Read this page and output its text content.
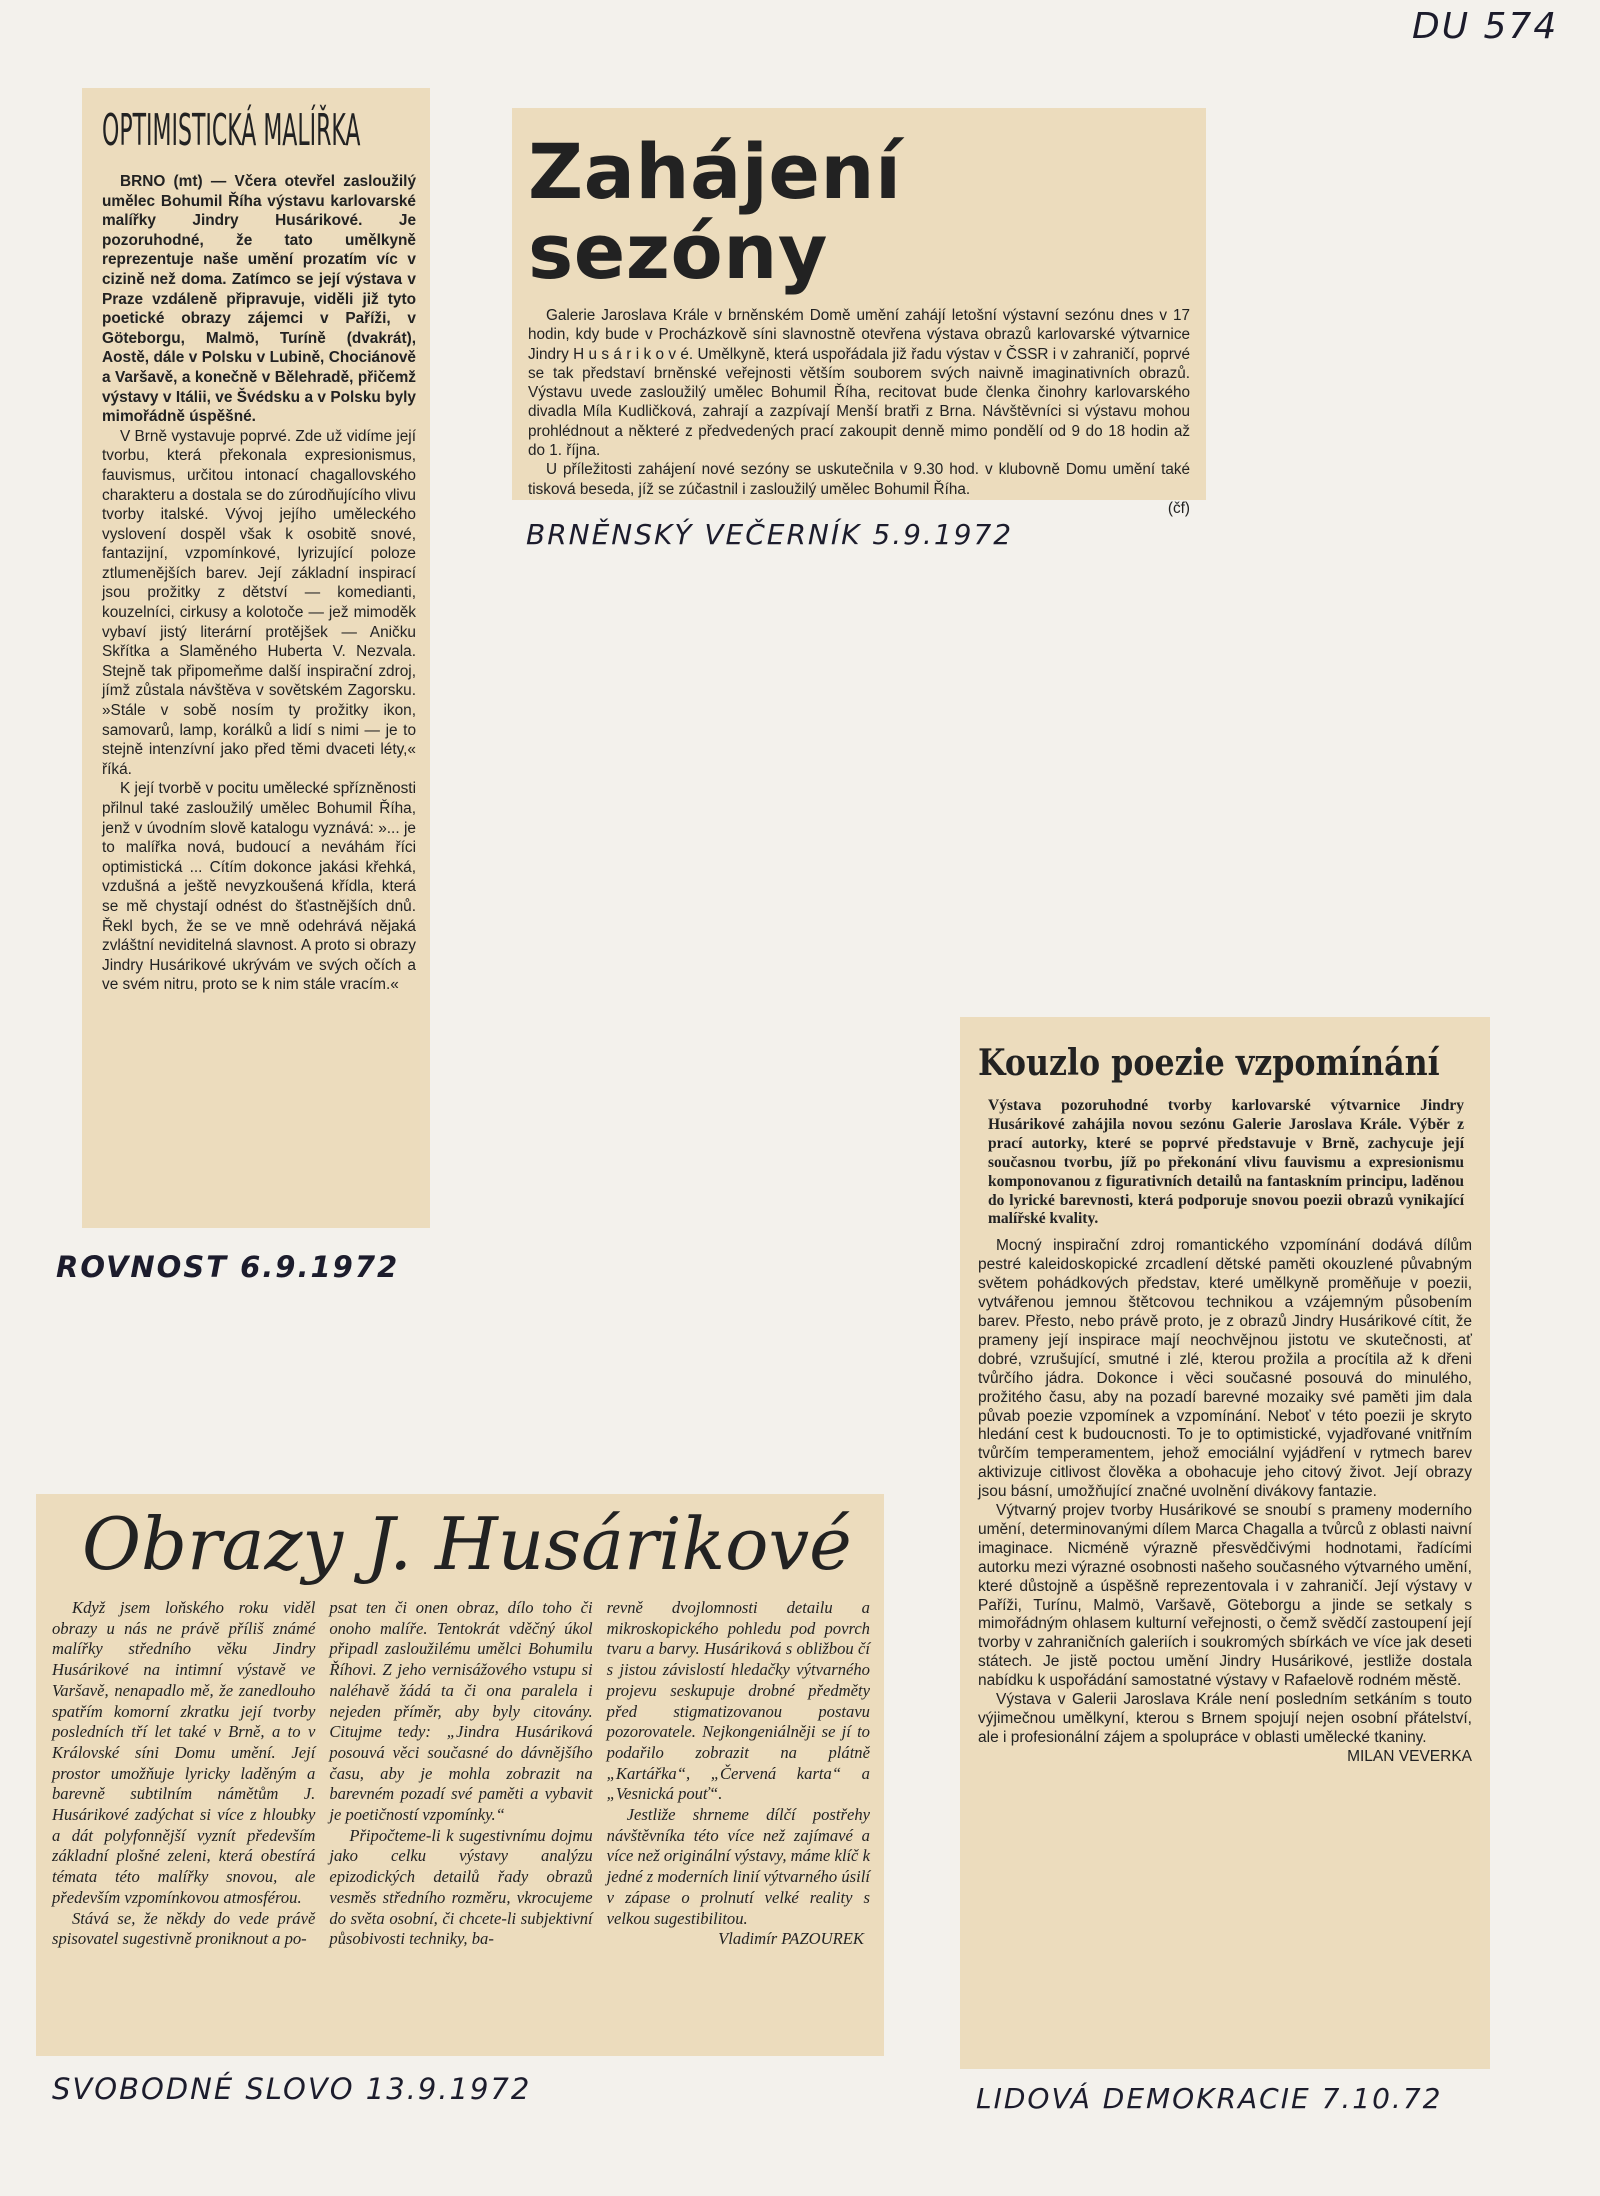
DU 574
OPTIMISTICKÁ MALÍŘKA

BRNO (mt) — Včera otevřel zasloužilý umělec Bohumil Říha výstavu karlovarské malířky Jindry Husárikové. Je pozoruhodné, že tato umělkyně reprezentuje naše umění prozatím víc v cizině než doma. Zatímco se její výstava v Praze vzdáleně připravuje, viděli již tyto poetické obrazy zájemci v Paříži, v Göteborgu, Malmö, Turíně (dvakrát), Aostě, dále v Polsku v Lubině, Chociánově a Varšavě, a konečně v Bělehradě, přičemž výstavy v Itálii, ve Švédsku a v Polsku byly mimořádně úspěšné.

V Brně vystavuje poprvé. Zde už vidíme její tvorbu, která překonala expresionismus, fauvismus, určitou intonací chagallovského charakteru a dostala se do zúrodňujícího vlivu tvorby italské. Vývoj jejího uměleckého vyslovení dospěl však k osobitě snové, fantazijní, vzpomínkové, lyrizující poloze ztlumenějších barev. Její základní inspirací jsou prožitky z dětství — komedianti, kouzelníci, cirkusy a kolotoče — jež mimoděk vybaví jistý literární protějšek — Aničku Skřítka a Slaměného Huberta V. Nezvala. Stejně tak připomeňme další inspirační zdroj, jímž zůstala návštěva v sovětském Zagorsku. »Stále v sobě nosím ty prožitky ikon, samovarů, lamp, korálků a lidí s nimi — je to stejně intenzívní jako před těmi dvaceti léty,« říká.

K její tvorbě v pocitu umělecké spřízněnosti přilnul také zasloužilý umělec Bohumil Říha, jenž v úvodním slově katalogu vyznává: »... je to malířka nová, budoucí a neváhám říci optimistická ... Cítím dokonce jakási křehká, vzdušná a ještě nevyzkoušená křídla, která se mě chystají odnést do šťastnějších dnů. Řekl bych, že se ve mně odehrává nějaká zvláštní neviditelná slavnost. A proto si obrazy Jindry Husárikové ukrývám ve svých očích a ve svém nitru, proto se k nim stále vracím.«

ROVNOST 6.9.1972
Zahájení sezóny

Galerie Jaroslava Krále v brněnském Domě umění zahájí letošní výstavní sezónu dnes v 17 hodin, kdy bude v Procházkově síni slavnostně otevřena výstava obrazů karlovarské výtvarnice Jindry H u s á r i k o v é. Umělkyně, která uspořádala již řadu výstav v ČSSR i v zahraničí, poprvé se tak představí brněnské veřejnosti větším souborem svých naivně imaginativních obrazů. Výstavu uvede zasloužilý umělec Bohumil Říha, recitovat bude členka činohry karlovarského divadla Míla Kudličková, zahrají a zazpívají Menší bratři z Brna. Návštěvníci si výstavu mohou prohlédnout a některé z předvedených prací zakoupit denně mimo pondělí od 9 do 18 hodin až do 1. října.

U příležitosti zahájení nové sezóny se uskutečnila v 9.30 hod. v klubovně Domu umění také tisková beseda, jíž se zúčastnil i zasloužilý umělec Bohumil Říha.

(čf)
BRNĚNSKÝ VEČERNÍK 5.9.1972
Kouzlo poezie vzpomínání
Výstava pozoruhodné tvorby karlovarské výtvarnice Jindry Husárikové zahájila novou sezónu Galerie Jaroslava Krále. Výběr z prací autorky, které se poprvé představuje v Brně, zachycuje její současnou tvorbu, jíž po překonání vlivu fauvismu a expresionismu komponovanou z figurativních detailů na fantaskním principu, laděnou do lyrické barevnosti, která podporuje snovou poezii obrazů vynikající malířské kvality.

Mocný inspirační zdroj romantického vzpomínání dodává dílům pestré kaleidoskopické zrcadlení dětské paměti okouzlené půvabným světem pohádkových představ, které umělkyně proměňuje v poezii, vytvářenou jemnou štětcovou technikou a vzájemným působením barev. Přesto, nebo právě proto, je z obrazů Jindry Husárikové cítit, že prameny její inspirace mají neochvějnou jistotu ve skutečnosti, ať dobré, vzrušující, smutné i zlé, kterou prožila a procítila až k dřeni tvůrčího jádra. Dokonce i věci současné posouvá do minulého, prožitého času, aby na pozadí barevné mozaiky své paměti jim dala půvab poezie vzpomínek a vzpomínání. Neboť v této poezii je skryto hledání cest k budoucnosti. To je to optimistické, vyjadřované vnitřním tvůrčím temperamentem, jehož emociální vyjádření v rytmech barev aktivizuje citlivost člověka a obohacuje jeho citový život. Její obrazy jsou básní, umožňující značné uvolnění divákovy fantazie.

Výtvarný projev tvorby Husárikové se snoubí s prameny moderního umění, determinovanými dílem Marca Chagalla a tvůrců z oblasti naivní imaginace. Nicméně výrazně přesvědčivými hodnotami, řadícími autorku mezi výrazné osobnosti našeho současného výtvarného umění, které důstojně a úspěšně reprezentovala i v zahraničí. Její výstavy v Paříži, Turínu, Malmö, Varšavě, Göteborgu a jinde se setkaly s mimořádným ohlasem kulturní veřejnosti, o čemž svědčí zastoupení její tvorby v zahraničních galeriích i soukromých sbírkách ve více jak deseti státech. Je jistě poctou umění Jindry Husárikové, jestliže dostala nabídku k uspořádání samostatné výstavy v Rafaelově rodném městě.

Výstava v Galerii Jaroslava Krále není posledním setkáním s touto výjimečnou umělkyní, kterou s Brnem spojují nejen osobní přátelství, ale i profesionální zájem a spolupráce v oblasti umělecké tkaniny.

MILAN VEVERKA
LIDOVÁ DEMOKRACIE 7.10.72
Obrazy J. Husárikové

Když jsem loňského roku viděl obrazy u nás ne právě příliš známé malířky středního věku Jindry Husárikové na intimní výstavě ve Varšavě, nenapadlo mě, že zanedlouho spatřím komorní zkratku její tvorby posledních tří let také v Brně, a to v Královské síni Domu umění. Její prostor umožňuje lyricky laděným a barevně subtilním námětům J. Husárikové zadýchat si více z hloubky a dát polyfonnější vyznít především základní plošné zeleni, která obestírá témata této malířky snovou, ale především vzpomínkovou atmosférou.

Stává se, že někdy do vede právě spisovatel sugestivně proniknout a po-

psat ten či onen obraz, dílo toho či onoho malíře. Tentokrát vděčný úkol připadl zasloužilému umělci Bohumilu Říhovi. Z jeho vernisážového vstupu si naléhavě žádá ta či ona paralela i nejeden příměr, aby byly citovány. Citujme tedy: „Jindra Husáriková posouvá věci současné do dávnějšího času, aby je mohla zobrazit na barevném pozadí své paměti a vybavit je poetičností vzpomínky.“

Připočteme-li k sugestivnímu dojmu jako celku výstavy analýzu epizodických detailů řady obrazů vesměs středního rozměru, vkrocujeme do světa osobní, či chcete-li subjektivní působivosti techniky, ba-

revně dvojlomnosti detailu a mikroskopického pohledu pod povrch tvaru a barvy. Husáriková s obližbou čí s jistou závislostí hledačky výtvarného projevu seskupuje drobné předměty před stigmatizovanou postavu pozorovatele. Nejkongeniálněji se jí to podařilo zobrazit na plátně „Kartářka“, „Červená karta“ a „Vesnická pouť“.

Jestliže shrneme dílčí postřehy návštěvníka této více než zajímavé a více než originální výstavy, máme klíč k jedné z moderních linií výtvarného úsilí v zápase o prolnutí velké reality s velkou sugestibilitou.

Vladimír PAZOUREK
SVOBODNÉ SLOVO 13.9.1972
